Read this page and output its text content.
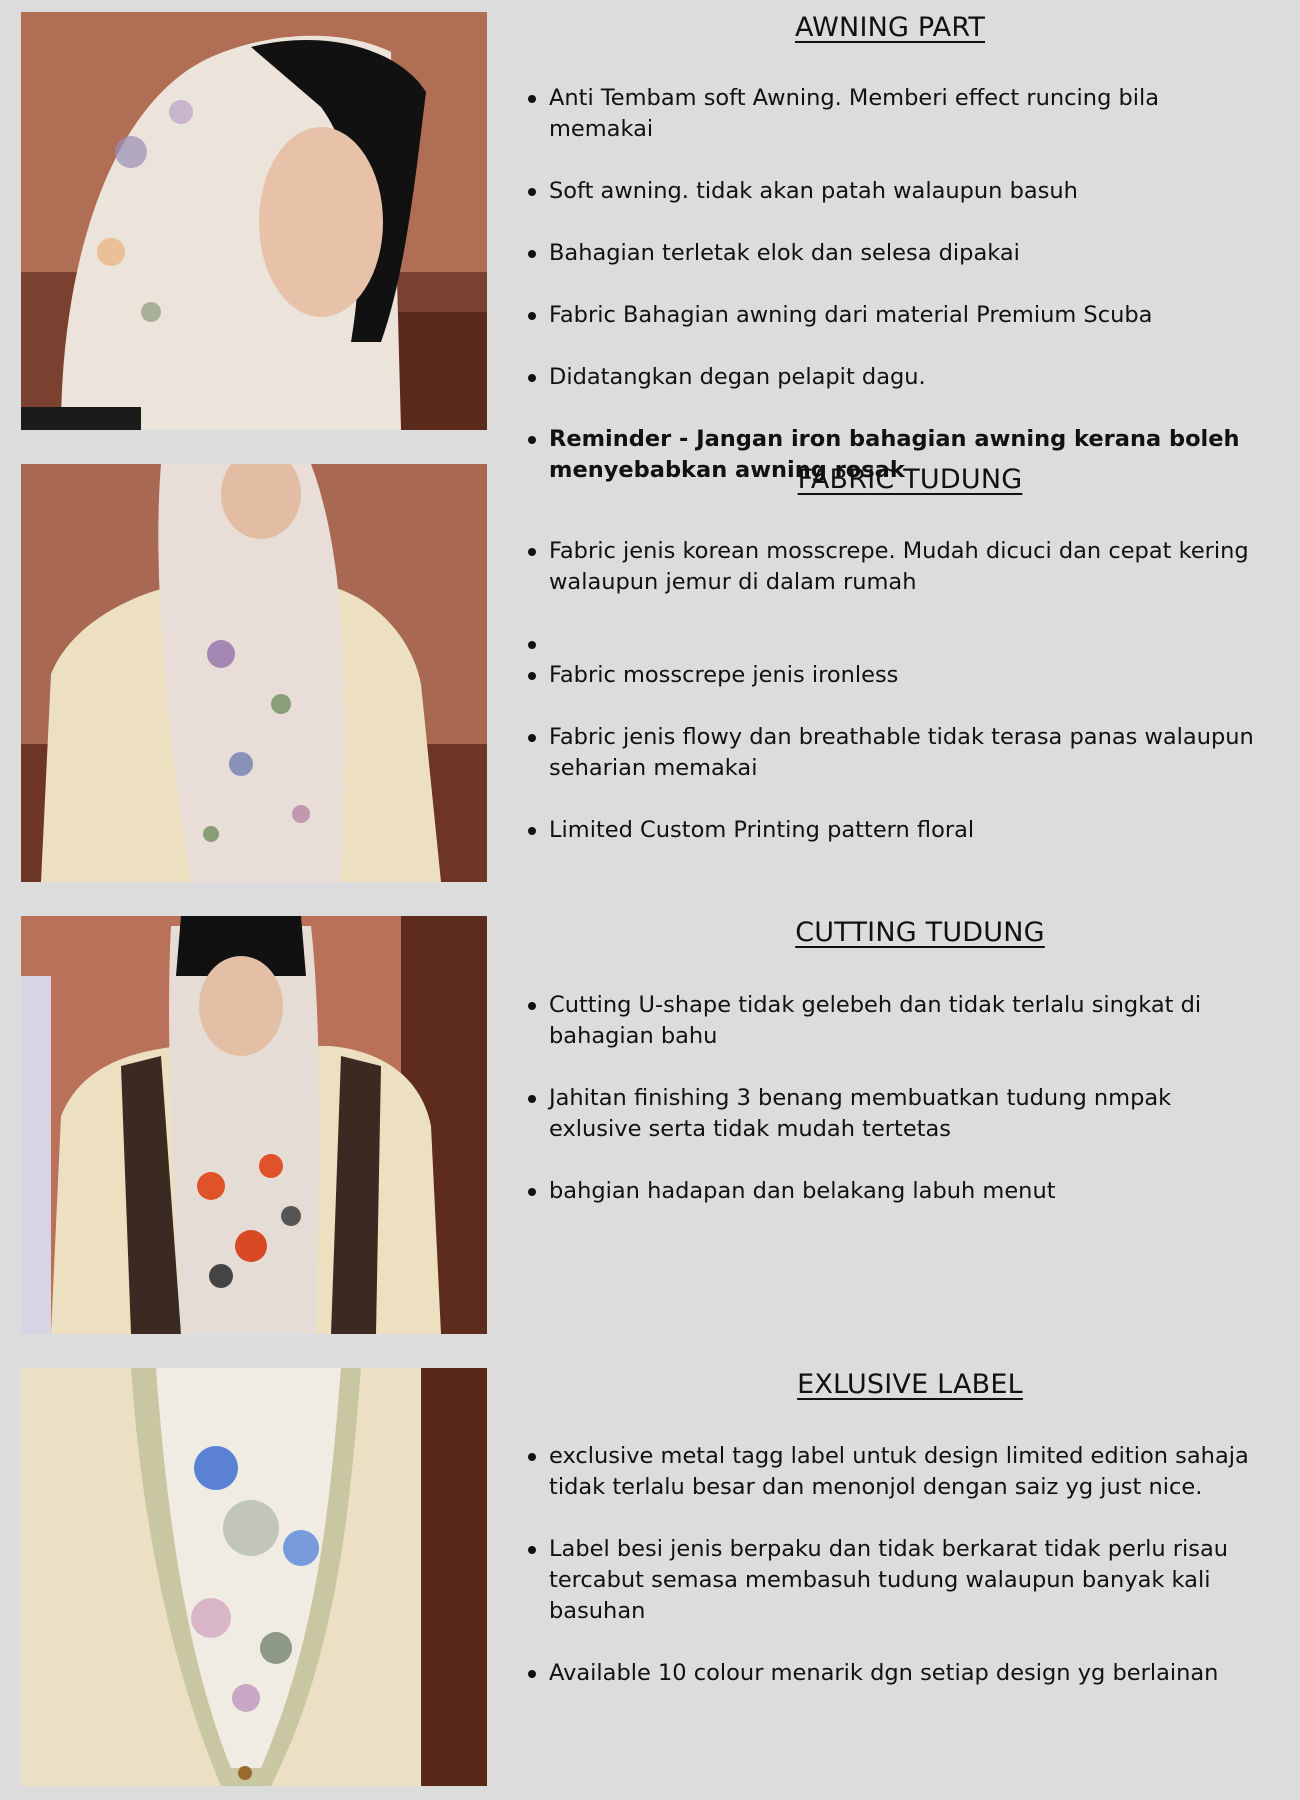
AWNING PART
Anti Tembam soft Awning. Memberi effect runcing bila memakai
Soft awning. tidak akan patah walaupun basuh
Bahagian terletak elok dan selesa dipakai
Fabric Bahagian awning dari material Premium Scuba
Didatangkan degan pelapit dagu.
Reminder - Jangan iron bahagian awning kerana boleh menyebabkan awning rosak
FABRIC TUDUNG
Fabric jenis korean mosscrepe. Mudah dicuci dan cepat kering walaupun jemur di dalam rumah
Fabric mosscrepe jenis ironless
Fabric jenis flowy dan breathable tidak terasa panas walaupun seharian memakai
Limited Custom Printing pattern floral
CUTTING TUDUNG
Cutting U-shape tidak gelebeh dan tidak terlalu singkat di bahagian bahu
Jahitan finishing 3 benang membuatkan tudung nmpak exlusive serta tidak mudah tertetas
bahgian hadapan dan belakang labuh menut
EXLUSIVE LABEL
exclusive metal tagg label untuk design limited edition sahaja tidak terlalu besar dan menonjol dengan saiz yg just nice.
Label besi jenis berpaku dan tidak berkarat tidak perlu risau tercabut semasa membasuh tudung walaupun banyak kali basuhan
Available 10 colour menarik dgn setiap design yg berlainan
